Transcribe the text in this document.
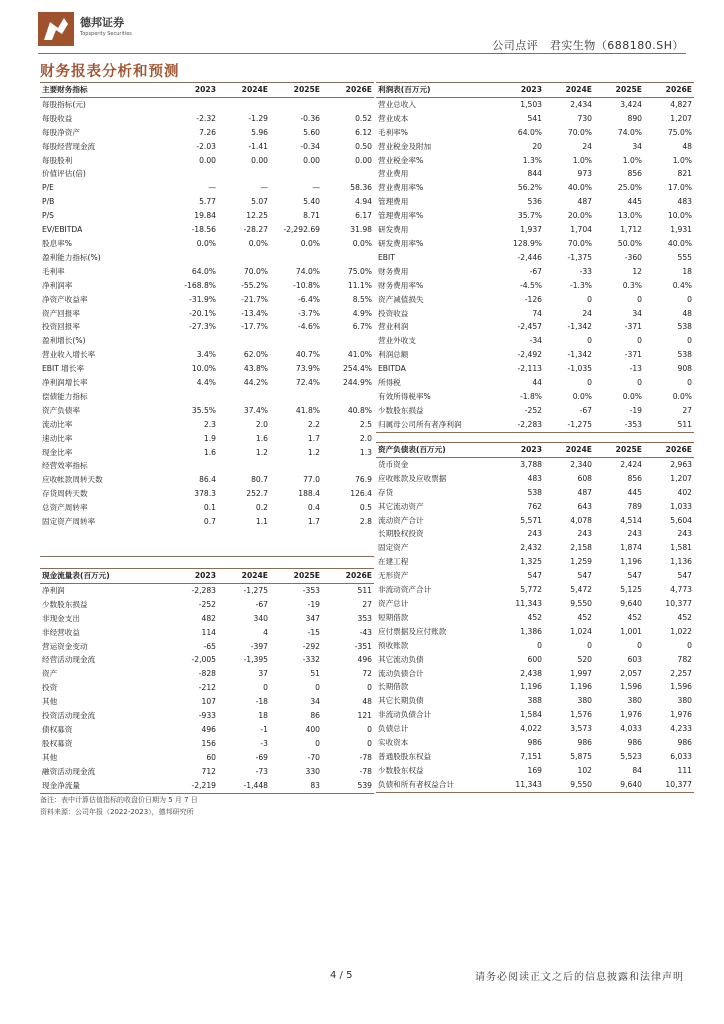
德邦证券
Topsperity Securities
公司点评　君实生物（688180.SH）
财务报表分析和预测
主要财务指标	2023	2024E	2025E	2026E
每股指标(元)				
每股收益	-2.32	-1.29	-0.36	0.52
每股净资产	7.26	5.96	5.60	6.12
每股经营现金流	-2.03	-1.41	-0.34	0.50
每股股利	0.00	0.00	0.00	0.00
价值评估(倍)				
P/E	—	—	—	58.36
P/B	5.77	5.07	5.40	4.94
P/S	19.84	12.25	8.71	6.17
EV/EBITDA	-18.56	-28.27	-2,292.69	31.98
股息率%	0.0%	0.0%	0.0%	0.0%
盈利能力指标(%)				
毛利率	64.0%	70.0%	74.0%	75.0%
净利润率	-168.8%	-55.2%	-10.8%	11.1%
净资产收益率	-31.9%	-21.7%	-6.4%	8.5%
资产回报率	-20.1%	-13.4%	-3.7%	4.9%
投资回报率	-27.3%	-17.7%	-4.6%	6.7%
盈利增长(%)				
营业收入增长率	3.4%	62.0%	40.7%	41.0%
EBIT 增长率	10.0%	43.8%	73.9%	254.4%
净利润增长率	4.4%	44.2%	72.4%	244.9%
偿债能力指标				
资产负债率	35.5%	37.4%	41.8%	40.8%
流动比率	2.3	2.0	2.2	2.5
速动比率	1.9	1.6	1.7	2.0
现金比率	1.6	1.2	1.2	1.3
经营效率指标				
应收帐款周转天数	86.4	80.7	77.0	76.9
存货周转天数	378.3	252.7	188.4	126.4
总资产周转率	0.1	0.2	0.4	0.5
固定资产周转率	0.7	1.1	1.7	2.8

利润表(百万元)	2023	2024E	2025E	2026E
营业总收入	1,503	2,434	3,424	4,827
营业成本	541	730	890	1,207
毛利率%	64.0%	70.0%	74.0%	75.0%
营业税金及附加	20	24	34	48
营业税金率%	1.3%	1.0%	1.0%	1.0%
营业费用	844	973	856	821
营业费用率%	56.2%	40.0%	25.0%	17.0%
管理费用	536	487	445	483
管理费用率%	35.7%	20.0%	13.0%	10.0%
研发费用	1,937	1,704	1,712	1,931
研发费用率%	128.9%	70.0%	50.0%	40.0%
EBIT	-2,446	-1,375	-360	555
财务费用	-67	-33	12	18
财务费用率%	-4.5%	-1.3%	0.3%	0.4%
资产减值损失	-126	0	0	0
投资收益	74	24	34	48
营业利润	-2,457	-1,342	-371	538
营业外收支	-34	0	0	0
利润总额	-2,492	-1,342	-371	538
EBITDA	-2,113	-1,035	-13	908
所得税	44	0	0	0
有效所得税率%	-1.8%	0.0%	0.0%	0.0%
少数股东损益	-252	-67	-19	27
归属母公司所有者净利润	-2,283	-1,275	-353	511
资产负债表(百万元)	2023	2024E	2025E	2026E
货币资金	3,788	2,340	2,424	2,963
应收账款及应收票据	483	608	856	1,207
存货	538	487	445	402
其它流动资产	762	643	789	1,033
流动资产合计	5,571	4,078	4,514	5,604
长期股权投资	243	243	243	243
固定资产	2,432	2,158	1,874	1,581
在建工程	1,325	1,259	1,196	1,136
无形资产	547	547	547	547
非流动资产合计	5,772	5,472	5,125	4,773
资产总计	11,343	9,550	9,640	10,377
短期借款	452	452	452	452
应付票据及应付账款	1,386	1,024	1,001	1,022
预收账款	0	0	0	0
其它流动负债	600	520	603	782
流动负债合计	2,438	1,997	2,057	2,257
长期借款	1,196	1,196	1,596	1,596
其它长期负债	388	380	380	380
非流动负债合计	1,584	1,576	1,976	1,976
负债总计	4,022	3,573	4,033	4,233
实收资本	986	986	986	986
普通股股东权益	7,151	5,875	5,523	6,033
少数股东权益	169	102	84	111
负债和所有者权益合计	11,343	9,550	9,640	10,377
现金流量表(百万元)	2023	2024E	2025E	2026E
净利润	-2,283	-1,275	-353	511
少数股东损益	-252	-67	-19	27
非现金支出	482	340	347	353
非经营收益	114	4	-15	-43
营运资金变动	-65	-397	-292	-351
经营活动现金流	-2,005	-1,395	-332	496
资产	-828	37	51	72
投资	-212	0	0	0
其他	107	-18	34	48
投资活动现金流	-933	18	86	121
债权募资	496	-1	400	0
股权募资	156	-3	0	0
其他	60	-69	-70	-78
融资活动现金流	712	-73	330	-78
现金净流量	-2,219	-1,448	83	539
备注：表中计算估值指标的收盘价日期为 5 月 7 日
资料来源：公司年报（2022-2023），德邦研究所
4 / 5	请务必阅读正文之后的信息披露和法律声明
